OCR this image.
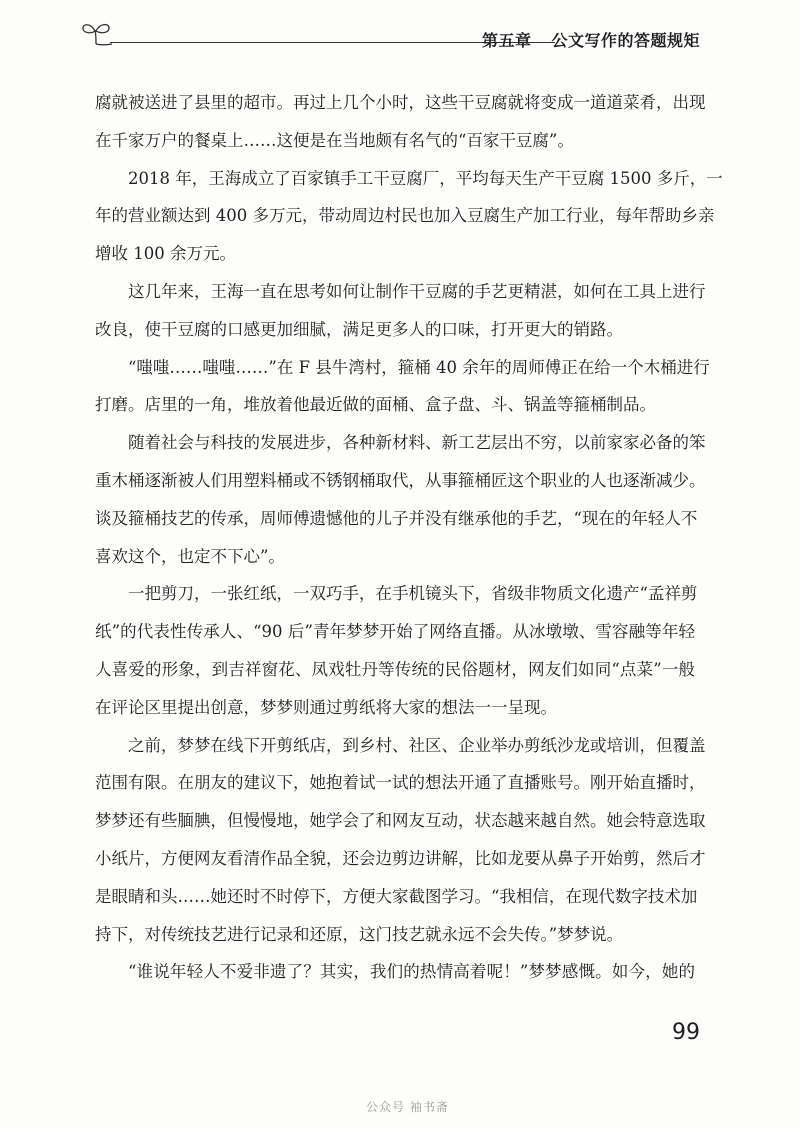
第五章 公文写作的答题规矩
腐就被送进了县里的超市。再过上几个小时，这些干豆腐就将变成一道道菜肴，出现
在千家万户的餐桌上……这便是在当地颇有名气的“百家干豆腐”。
2018 年，王海成立了百家镇手工干豆腐厂，平均每天生产干豆腐 1500 多斤，一
年的营业额达到 400 多万元，带动周边村民也加入豆腐生产加工行业，每年帮助乡亲
增收 100 余万元。
这几年来，王海一直在思考如何让制作干豆腐的手艺更精湛，如何在工具上进行
改良，使干豆腐的口感更加细腻，满足更多人的口味，打开更大的销路。
“嗤嗤……嗤嗤……”在 F 县牛湾村，箍桶 40 余年的周师傅正在给一个木桶进行
打磨。店里的一角，堆放着他最近做的面桶、盒子盘、斗、锅盖等箍桶制品。
随着社会与科技的发展进步，各种新材料、新工艺层出不穷，以前家家必备的笨
重木桶逐渐被人们用塑料桶或不锈钢桶取代，从事箍桶匠这个职业的人也逐渐减少。
谈及箍桶技艺的传承，周师傅遗憾他的儿子并没有继承他的手艺，“现在的年轻人不
喜欢这个，也定不下心”。
一把剪刀，一张红纸，一双巧手，在手机镜头下，省级非物质文化遗产“孟祥剪
纸”的代表性传承人、“90 后”青年梦梦开始了网络直播。从冰墩墩、雪容融等年轻
人喜爱的形象，到吉祥窗花、凤戏牡丹等传统的民俗题材，网友们如同“点菜”一般
在评论区里提出创意，梦梦则通过剪纸将大家的想法一一呈现。
之前，梦梦在线下开剪纸店，到乡村、社区、企业举办剪纸沙龙或培训，但覆盖
范围有限。在朋友的建议下，她抱着试一试的想法开通了直播账号。刚开始直播时，
梦梦还有些腼腆，但慢慢地，她学会了和网友互动，状态越来越自然。她会特意选取
小纸片，方便网友看清作品全貌，还会边剪边讲解，比如龙要从鼻子开始剪，然后才
是眼睛和头……她还时不时停下，方便大家截图学习。“我相信，在现代数字技术加
持下，对传统技艺进行记录和还原，这门技艺就永远不会失传。”梦梦说。
“谁说年轻人不爱非遗了？其实，我们的热情高着呢！”梦梦感慨。如今，她的
99
公众号 袖书斋
